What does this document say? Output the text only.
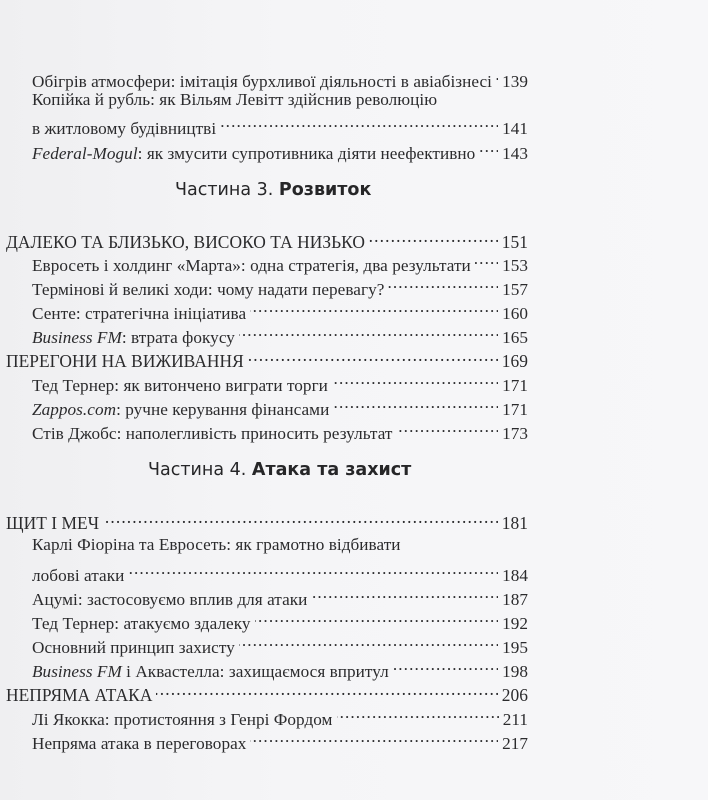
Обігрів атмосфери: імітація бурхливої діяльності в авіабізнесі . . . 139
Копійка й рубль: як Вільям Левітт здійснив революцію
в житловому будівництві . . .	141
Federal-Mogul: як змусити супротивника діяти неефективно . . . 143
Частина 3. Розвиток
ДАЛЕКО ТА БЛИЗЬКО, ВИСОКО ТА НИЗЬКО . . .	151
Евросеть і холдинг «Марта»: одна стратегія, два результати . . . 153
Термінові й великі ходи: чому надати перевагу? . . .	157
Сенте: стратегічна ініціатива . . .	160
Business FM: втрата фокусу . . .	165
ПЕРЕГОНИ НА ВИЖИВАННЯ . . .	169
Тед Тернер: як витончено виграти торги . . .	171
Zappos.com: ручне керування фінансами . . .	171
Стів Джобс: наполегливість приносить результат . . .	173
Частина 4. Атака та захист
ЩИТ І МЕЧ . . .	181
Карлі Фіоріна та Евросеть: як грамотно відбивати
лобові атаки . . .	184
Ацумі: застосовуємо вплив для атаки . . .	187
Тед Тернер: атакуємо здалеку . . .	192
Основний принцип захисту . . .	195
Business FM і Аквастелла: захищаємося впритул . . .	198
НЕПРЯМА АТАКА . . .	206
Лі Якокка: протистояння з Генрі Фордом . . .	211
Непряма атака в переговорах . . .	217
